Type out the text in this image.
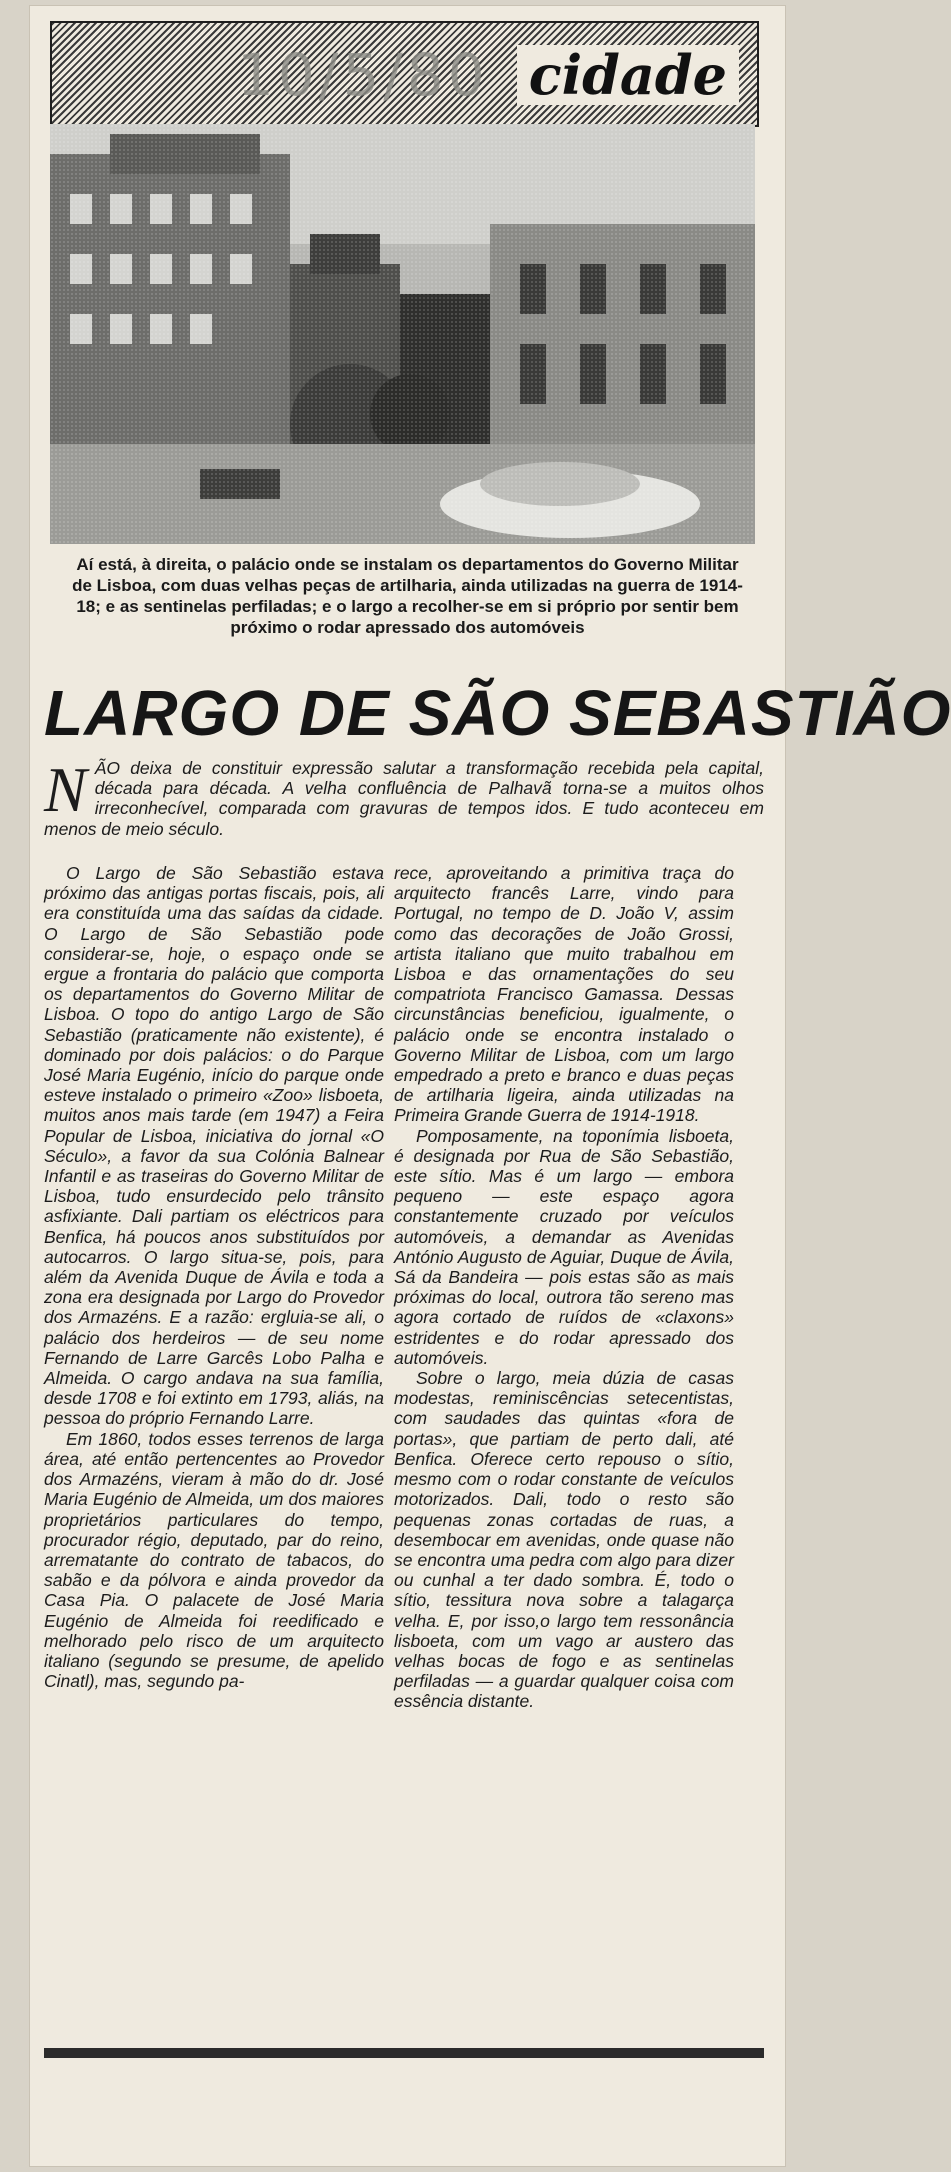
10/5/80 cidade
Aí está, à direita, o palácio onde se instalam os departamentos do Governo Militar de Lisboa, com duas velhas peças de artilharia, ainda utilizadas na guerra de 1914-18; e as sentinelas perfiladas; e o largo a recolher-se em si próprio por sentir bem próximo o rodar apressado dos automóveis
LARGO DE SÃO SEBASTIÃO
N ÃO deixa de constituir expressão salutar a transformação recebida pela capital, década para década. A velha confluência de Palhavã torna-se a muitos olhos irreconhecível, comparada com gravuras de tempos idos. E tudo aconteceu em menos de meio século.

O Largo de São Sebastião estava próximo das antigas portas fiscais, pois, ali era constituída uma das saídas da cidade. O Largo de São Sebastião pode considerar-se, hoje, o espaço onde se ergue a frontaria do palácio que comporta os departamentos do Governo Militar de Lisboa. O topo do antigo Largo de São Sebastião (praticamente não existente), é dominado por dois palácios: o do Parque José Maria Eugénio, início do parque onde esteve instalado o primeiro «Zoo» lisboeta, muitos anos mais tarde (em 1947) a Feira Popular de Lisboa, iniciativa do jornal «O Século», a favor da sua Colónia Balnear Infantil e as traseiras do Governo Militar de Lisboa, tudo ensurdecido pelo trânsito asfixiante. Dali partiam os eléctricos para Benfica, há poucos anos substituídos por autocarros. O largo situa-se, pois, para além da Avenida Duque de Ávila e toda a zona era designada por Largo do Provedor dos Armazéns. E a razão: ergluia-se ali, o palácio dos herdeiros — de seu nome Fernando de Larre Garcês Lobo Palha e Almeida. O cargo andava na sua família, desde 1708 e foi extinto em 1793, aliás, na pessoa do próprio Fernando Larre.

Em 1860, todos esses terrenos de larga área, até então pertencentes ao Provedor dos Armazéns, vieram à mão do dr. José Maria Eugénio de Almeida, um dos maiores proprietários particulares do tempo, procurador régio, deputado, par do reino, arrematante do contrato de tabacos, do sabão e da pólvora e ainda provedor da Casa Pia. O palacete de José Maria Eugénio de Almeida foi reedificado e melhorado pelo risco de um arquitecto italiano (segundo se presume, de apelido Cinatl), mas, segundo pa-

rece, aproveitando a primitiva traça do arquitecto francês Larre, vindo para Portugal, no tempo de D. João V, assim como das decorações de João Grossi, artista italiano que muito trabalhou em Lisboa e das ornamentações do seu compatriota Francisco Gamassa. Dessas circunstâncias beneficiou, igualmente, o palácio onde se encontra instalado o Governo Militar de Lisboa, com um largo empedrado a preto e branco e duas peças de artilharia ligeira, ainda utilizadas na Primeira Grande Guerra de 1914-1918.

Pomposamente, na toponímia lisboeta, é designada por Rua de São Sebastião, este sítio. Mas é um largo — embora pequeno — este espaço agora constantemente cruzado por veículos automóveis, a demandar as Avenidas António Augusto de Aguiar, Duque de Ávila, Sá da Bandeira — pois estas são as mais próximas do local, outrora tão sereno mas agora cortado de ruídos de «claxons» estridentes e do rodar apressado dos automóveis.

Sobre o largo, meia dúzia de casas modestas, reminiscências setecentistas, com saudades das quintas «fora de portas», que partiam de perto dali, até Benfica. Oferece certo repouso o sítio, mesmo com o rodar constante de veículos motorizados. Dali, todo o resto são pequenas zonas cortadas de ruas, a desembocar em avenidas, onde quase não se encontra uma pedra com algo para dizer ou cunhal a ter dado sombra. É, todo o sítio, tessitura nova sobre a talagarça velha. E, por isso,o largo tem ressonância lisboeta, com um vago ar austero das velhas bocas de fogo e as sentinelas perfiladas — a guardar qualquer coisa com essência distante.
